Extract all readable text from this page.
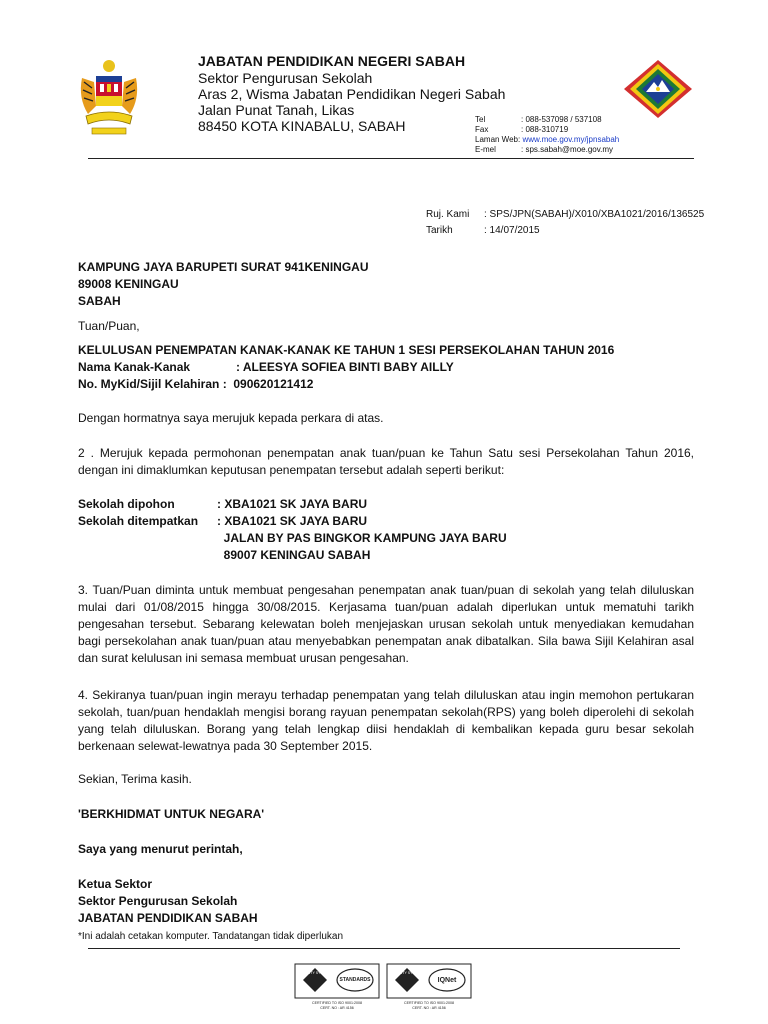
JABATAN PENDIDIKAN NEGERI SABAH
Sektor Pengurusan Sekolah
Aras 2, Wisma Jabatan Pendidikan Negeri Sabah
Jalan Punat Tanah, Likas
88450 KOTA KINABALU, SABAH	Tel	: 088-537098 / 537108
Fax	: 088-310719
Laman Web: www.moe.gov.my/jpnsabah
E-mel	: sps.sabah@moe.gov.my
Ruj. Kami : SPS/JPN(SABAH)/X010/XBA1021/2016/136525
Tarikh	: 14/07/2015
KAMPUNG JAYA BARUPETI SURAT 941KENINGAU
89008 KENINGAU
SABAH
Tuan/Puan,
KELULUSAN PENEMPATAN KANAK-KANAK KE TAHUN 1 SESI PERSEKOLAHAN TAHUN 2016
Nama Kanak-Kanak	: ALEESYA SOFIEA BINTI BABY AILLY
No. MyKid/Sijil Kelahiran : 090620121412
Dengan hormatnya saya merujuk kepada perkara di atas.
2 . Merujuk kepada permohonan penempatan anak tuan/puan ke Tahun Satu sesi Persekolahan Tahun 2016, dengan ini dimaklumkan keputusan penempatan tersebut adalah seperti berikut:
Sekolah dipohon	: XBA1021 SK JAYA BARU
Sekolah ditempatkan : XBA1021 SK JAYA BARU
JALAN BY PAS BINGKOR KAMPUNG JAYA BARU
89007 KENINGAU SABAH
3. Tuan/Puan diminta untuk membuat pengesahan penempatan anak tuan/puan di sekolah yang telah diluluskan mulai dari 01/08/2015 hingga 30/08/2015. Kerjasama tuan/puan adalah diperlukan untuk mematuhi tarikh pengesahan tersebut. Sebarang kelewatan boleh menjejaskan urusan sekolah untuk menyediakan kemudahan bagi persekolahan anak tuan/puan atau menyebabkan penempatan anak dibatalkan. Sila bawa Sijil Kelahiran asal dan surat kelulusan ini semasa membuat urusan pengesahan.
4. Sekiranya tuan/puan ingin merayu terhadap penempatan yang telah diluluskan atau ingin memohon pertukaran sekolah, tuan/puan hendaklah mengisi borang rayuan penempatan sekolah(RPS) yang boleh diperolehi di sekolah yang telah diluluskan. Borang yang telah lengkap diisi hendaklah di kembalikan kepada guru besar sekolah berkenaan selewat-lewatnya pada 30 September 2015.
Sekian, Terima kasih.
'BERKHIDMAT UNTUK NEGARA'
Saya yang menurut perintah,
Ketua Sektor
Sektor Pengurusan Sekolah
JABATAN PENDIDIKAN SABAH
*Ini adalah cetakan komputer. Tandatangan tidak diperlukan
QUALITY SYSTEM
STANDARDS
QUALITY SYSTEM
IQNet
CERTIFIED TO ISO 9001:2008
CERT. NO : AR 4156
CERTIFIED TO ISO 9001:2008
CERT. NO : AR 4156
